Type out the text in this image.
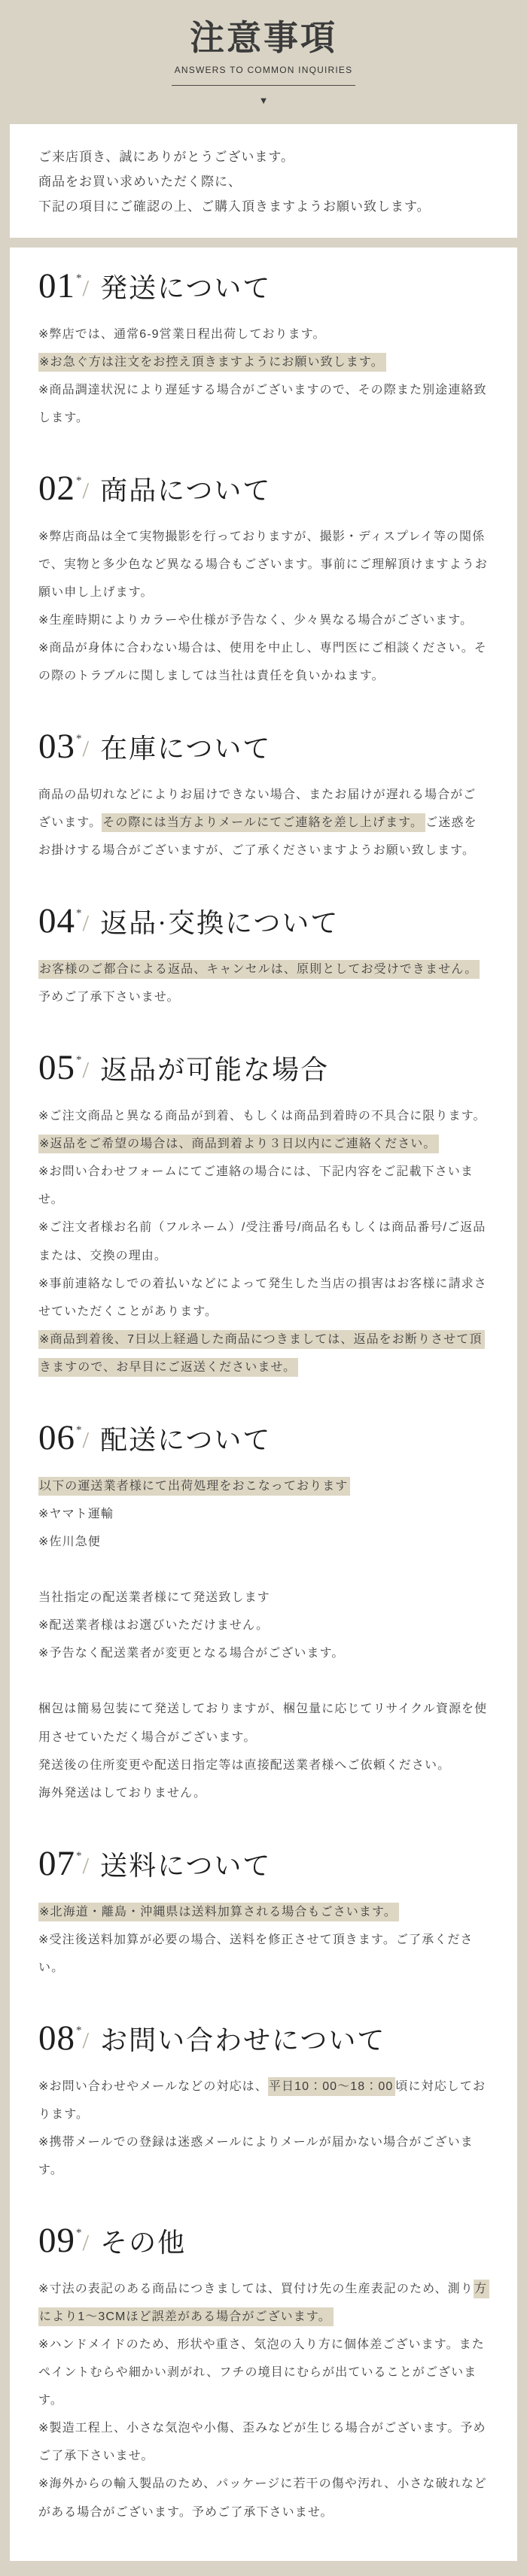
注意事項
ANSWERS TO COMMON INQUIRIES
▼

ご来店頂き、誠にありがとうございます。

商品をお買い求めいただく際に、

下記の項目にご確認の上、ご購入頂きますようお願い致します。

01*/ 発送について

※弊店では、通常6-9営業日程出荷しております。

※お急ぐ方は注文をお控え頂きますようにお願い致します。

※商品調達状況により遅延する場合がございますので、その際また別途連絡致します。

02*/ 商品について

※弊店商品は全て実物撮影を行っておりますが、撮影・ディスプレイ等の関係で、実物と多少色など異なる場合もございます。事前にご理解頂けますようお願い申し上げます。

※生産時期によりカラーや仕様が予告なく、少々異なる場合がございます。

※商品が身体に合わない場合は、使用を中止し、専門医にご相談ください。その際のトラブルに関しましては当社は責任を負いかねます。

03*/ 在庫について

商品の品切れなどによりお届けできない場合、またお届けが遅れる場合がございます。その際には当方よりメールにてご連絡を差し上げます。 ご迷惑をお掛けする場合がございますが、ご了承くださいますようお願い致します。

04*/ 返品·交換について

お客様のご都合による返品、キャンセルは、原則としてお受けできません。予めご了承下さいませ。

05*/ 返品が可能な場合

※ご注文商品と異なる商品が到着、もしくは商品到着時の不具合に限ります。

※返品をご希望の場合は、商品到着より３日以内にご連絡ください。

※お問い合わせフォームにてご連絡の場合には、下記内容をご記載下さいませ。

※ご注文者様お名前（フルネーム）/受注番号/商品名もしくは商品番号/ご返品または、交換の理由。

※事前連絡なしでの着払いなどによって発生した当店の損害はお客様に請求させていただくことがあります。

※商品到着後、7日以上経過した商品につきましては、返品をお断りさせて頂きますので、お早目にご返送くださいませ。

06*/ 配送について

以下の運送業者様にて出荷処理をおこなっております

※ヤマト運輸

※佐川急便

当社指定の配送業者様にて発送致します

※配送業者様はお選びいただけません。

※予告なく配送業者が変更となる場合がございます。

梱包は簡易包装にて発送しておりますが、梱包量に応じてリサイクル資源を使用させていただく場合がございます。

発送後の住所変更や配送日指定等は直接配送業者様へご依頼ください。

海外発送はしておりません。

07*/ 送料について

※北海道・離島・沖縄県は送料加算される場合もごさいます。

※受注後送料加算が必要の場合、送料を修正させて頂きます。ご了承ください。

08*/ お問い合わせについて

※お問い合わせやメールなどの対応は、平日10：00～18：00 頃に対応しております。

※携帯メールでの登録は迷惑メールによりメールが届かない場合がございます。

09*/ その他

※寸法の表記のある商品につきましては、買付け先の生産表記のため、測り方により1～3CMほど誤差がある場合がございます。

※ハンドメイドのため、形状や重さ、気泡の入り方に個体差ございます。またペイントむらや細かい剥がれ、フチの境目にむらが出ていることがございます。

※製造工程上、小さな気泡や小傷、歪みなどが生じる場合がございます。予めご了承下さいませ。

※海外からの輸入製品のため、パッケージに若干の傷や汚れ、小さな破れなどがある場合がございます。予めご了承下さいませ。
